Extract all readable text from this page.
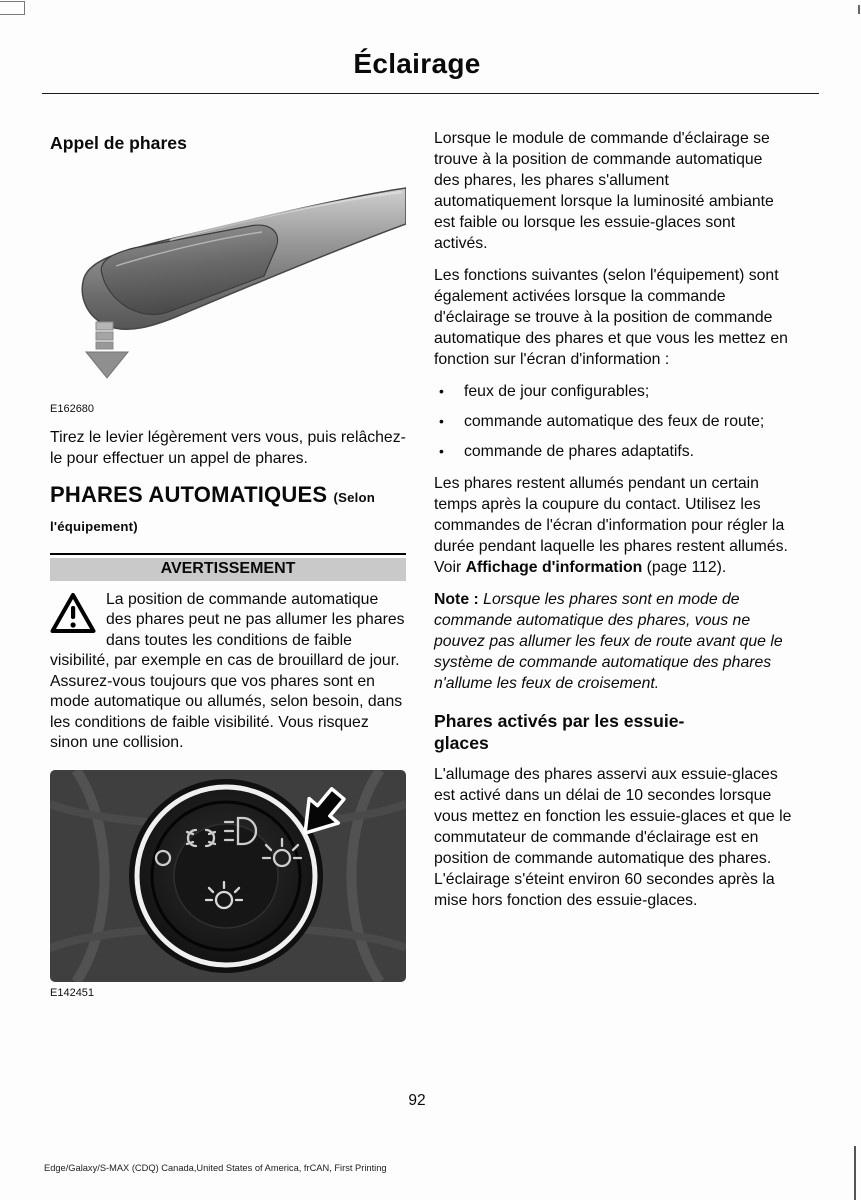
Éclairage
Appel de phares
E162680

Tirez le levier légèrement vers vous, puis relâchez-le pour effectuer un appel de phares.

PHARES AUTOMATIQUES (Selon l'équipement)
AVERTISSEMENT
La position de commande automatique des phares peut ne pas allumer les phares dans toutes les conditions de faible visibilité, par exemple en cas de brouillard de jour. Assurez-vous toujours que vos phares sont en mode automatique ou allumés, selon besoin, dans les conditions de faible visibilité. Vous risquez sinon une collision.
E142451

Lorsque le module de commande d'éclairage se trouve à la position de commande automatique des phares, les phares s'allument automatiquement lorsque la luminosité ambiante est faible ou lorsque les essuie-glaces sont activés.

Les fonctions suivantes (selon l'équipement) sont également activées lorsque la commande d'éclairage se trouve à la position de commande automatique des phares et que vous les mettez en fonction sur l'écran d'information :

• feux de jour configurables;
• commande automatique des feux de route;
• commande de phares adaptatifs.

Les phares restent allumés pendant un certain temps après la coupure du contact. Utilisez les commandes de l'écran d'information pour régler la durée pendant laquelle les phares restent allumés. Voir Affichage d'information (page 112).

Note : Lorsque les phares sont en mode de commande automatique des phares, vous ne pouvez pas allumer les feux de route avant que le système de commande automatique des phares n'allume les feux de croisement.

Phares activés par les essuie-glaces

L'allumage des phares asservi aux essuie-glaces est activé dans un délai de 10 secondes lorsque vous mettez en fonction les essuie-glaces et que le commutateur de commande d'éclairage est en position de commande automatique des phares. L'éclairage s'éteint environ 60 secondes après la mise hors fonction des essuie-glaces.

92
Edge/Galaxy/S-MAX (CDQ) Canada,United States of America, frCAN, First Printing
